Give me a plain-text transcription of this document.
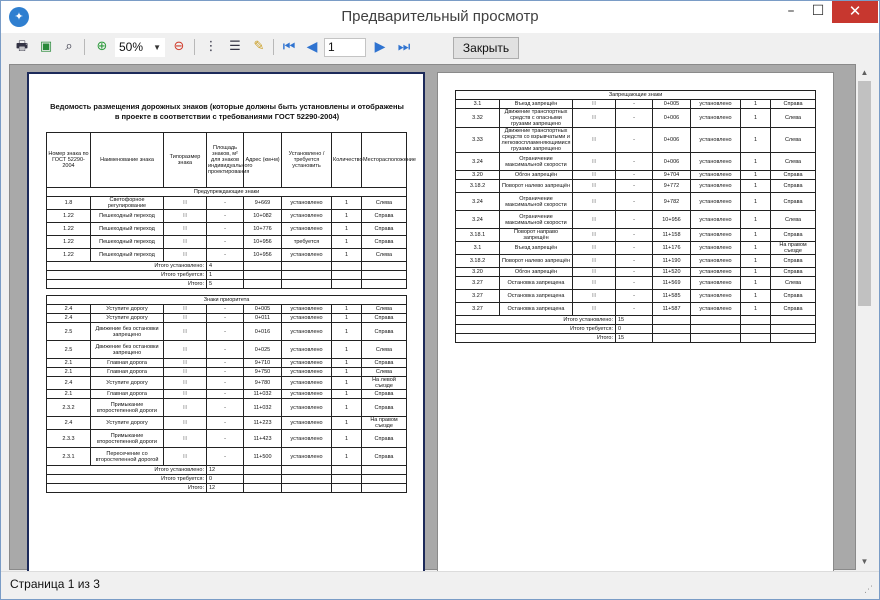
✦	Предварительный просмотр	–	☐	✕
🖶 ▣	⌕	⊕ 50% ▼ ⊖	⋮ ☰ ✎	⏮ ◀ 1	▶ ⏭	Закрыть
Ведомость размещения дорожных знаков (которые должны быть установлены и отображены в проекте в соответствии с требованиями ГОСТ 52290-2004)
Номер знака по ГОСТ 52290-2004	Наименование знака	Типоразмер знака	Площадь знаков, м² для знаков индивидуального проектирования	Адрес (км+м)	Установлено / требуется установить	Количество	Месторасположение
Предупреждающие знаки							
1.8	Светофорное регулирование	III	-	9+669	установлено	1	Слева
1.22	Пешеходный переход	III	-	10+082	установлено	1	Справа
1.22	Пешеходный переход	III	-	10+776	установлено	1	Справа
1.22	Пешеходный переход	III	-	10+956	требуется	1	Справа
1.22	Пешеходный переход	III	-	10+956	установлено	1	Слева
Итого установлено:			4				
Итого требуется:			1				
Итого:			5				

Знаки приоритета							
2.4	Уступите дорогу	III	-	0+005	установлено	1	Слева
2.4	Уступите дорогу	III	-	0+011	установлено	1	Справа
2.5	Движение без остановки запрещено	III	-	0+016	установлено	1	Справа
2.5	Движение без остановки запрещено	III	-	0+025	установлено	1	Слева
2.1	Главная дорога	III	-	9+710	установлено	1	Справа
2.1	Главная дорога	III	-	9+750	установлено	1	Слева
2.4	Уступите дорогу	III	-	9+780	установлено	1	На левой съезде
2.1	Главная дорога	III	-	11+032	установлено	1	Справа
2.3.2	Примыкание второстепенной дороги	III	-	11+032	установлено	1	Справа
2.4	Уступите дорогу	III	-	11+223	установлено	1	На правом съезде
2.3.3	Примыкание второстепенной дороги	III	-	11+423	установлено	1	Справа
2.3.1	Пересечение со второстепенной дорогой	III	-	11+500	установлено	1	Справа
Итого установлено:			12				
Итого требуется:			0				
Итого:			12				
Запрещающие знаки							
3.1	Въезд запрещён	III	-	0+005	установлено	1	Справа
3.32	Движение транспортных средств с опасными грузами запрещено	III	-	0+006	установлено	1	Слева
3.33	Движение транспортных средств со взрывчатыми и легковоспламеняющимися грузами запрещено	III	-	0+006	установлено	1	Слева
3.24	Ограничение максимальной скорости	III	-	0+006	установлено	1	Слева
3.20	Обгон запрещён	III	-	9+704	установлено	1	Справа
3.18.2	Поворот налево запрещён	III	-	9+772	установлено	1	Справа
3.24	Ограничение максимальной скорости	III	-	9+782	установлено	1	Справа
3.24	Ограничение максимальной скорости	III	-	10+956	установлено	1	Слева
3.18.1	Поворот направо запрещён	III	-	11+158	установлено	1	Справа
3.1	Въезд запрещён	III	-	11+176	установлено	1	На правом съезде
3.18.2	Поворот налево запрещён	III	-	11+190	установлено	1	Справа
3.20	Обгон запрещён	III	-	11+520	установлено	1	Справа
3.27	Остановка запрещена	III	-	11+569	установлено	1	Слева
3.27	Остановка запрещена	III	-	11+585	установлено	1	Справа
3.27	Остановка запрещена	III	-	11+587	установлено	1	Справа
Итого установлено:			15				
Итого требуется:			0				
Итого:			15				
▲
▼
Страница 1 из 3	⋰
